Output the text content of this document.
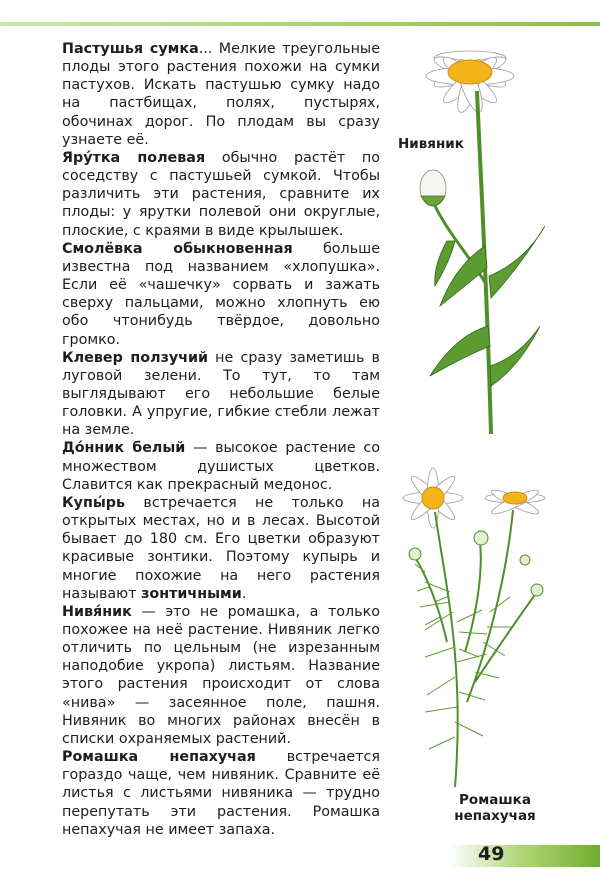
Пастушья сумка... Мелкие треугольные плоды этого растения похожи на сумки пастухов. Искать пастушью сумку надо на пастбищах, полях, пустырях, обочинах дорог. По плодам вы сразу узнаете её.

Яру́тка полевая обычно растёт по соседству с пастушьей сумкой. Чтобы различить эти растения, сравните их плоды: у ярутки полевой они округлые, плоские, с краями в виде крылышек.

Смолёвка обыкновенная больше известна под названием «хлопушка». Если её «чашечку» сорвать и зажать сверху пальцами, можно хлопнуть ею обо чтонибудь твёрдое, довольно громко.

Клевер ползучий не сразу заметишь в луговой зелени. То тут, то там выглядывают его небольшие белые головки. А упругие, гибкие стебли лежат на земле.

До́нник белый — высокое растение со множеством душистых цветков. Славится как прекрасный медонос.

Купы́рь встречается не только на открытых местах, но и в лесах. Высотой бывает до 180 см. Его цветки образуют красивые зонтики. Поэтому купырь и многие похожие на него растения называют зонтичными.

Нивя́ник — это не ромашка, а только похожее на неё растение. Нивяник легко отличить по цельным (не изрезанным наподобие укропа) листьям. Название этого растения происходит от слова «нива» — засеянное поле, пашня. Нивяник во многих районах внесён в списки охраняемых растений.

Ромашка непахучая встречается гораздо чаще, чем нивяник. Сравните её листья с листьями нивяника — трудно перепутать эти растения. Ромашка непахучая не имеет запаха.

Нивяник
Ромашка
непахучая
49
